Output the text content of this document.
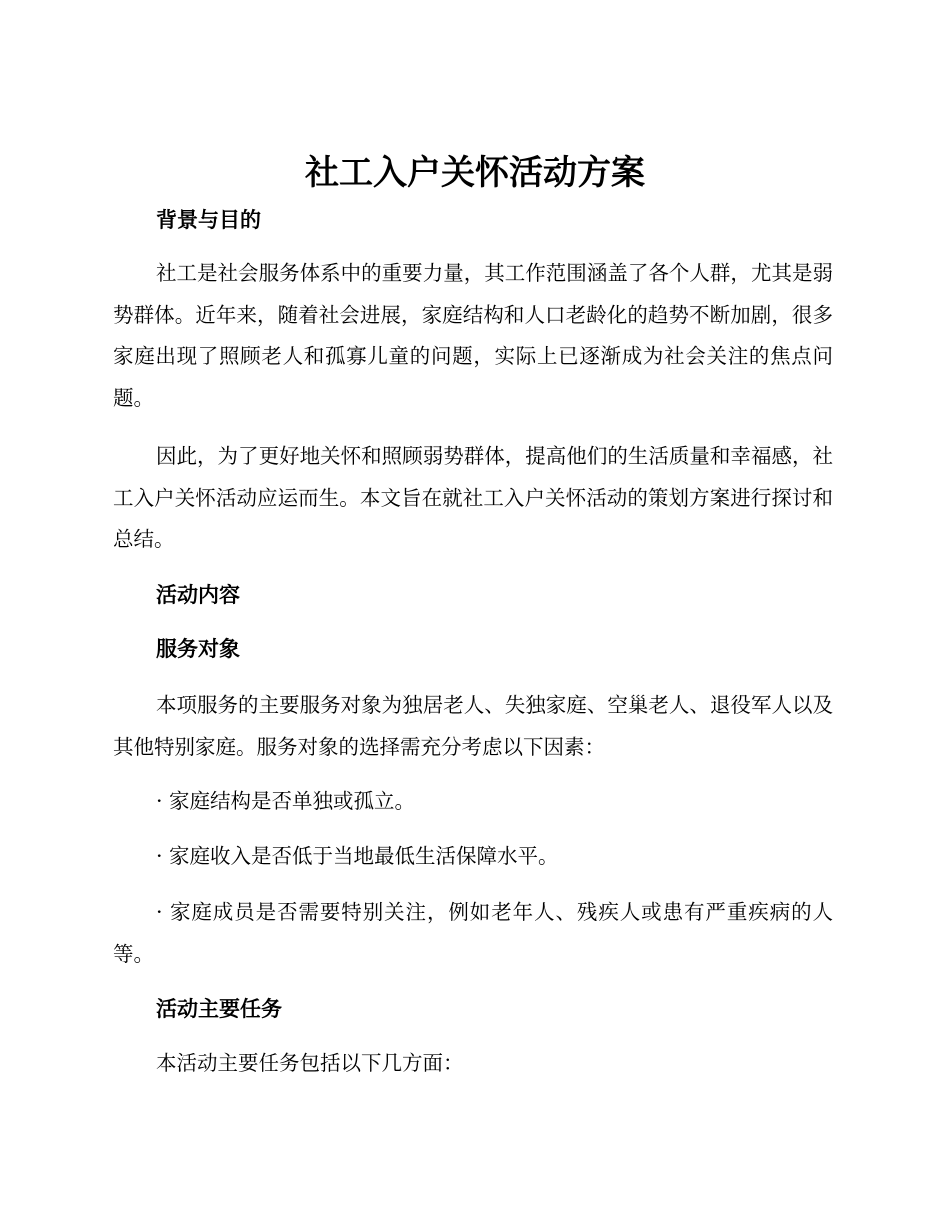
社工入户关怀活动方案
背景与目的

社工是社会服务体系中的重要力量，其工作范围涵盖了各个人群，尤其是弱势群体。近年来，随着社会进展，家庭结构和人口老龄化的趋势不断加剧，很多家庭出现了照顾老人和孤寡儿童的问题，实际上已逐渐成为社会关注的焦点问题。

因此，为了更好地关怀和照顾弱势群体，提高他们的生活质量和幸福感，社工入户关怀活动应运而生。本文旨在就社工入户关怀活动的策划方案进行探讨和总结。

活动内容
服务对象

本项服务的主要服务对象为独居老人、失独家庭、空巢老人、退役军人以及其他特别家庭。服务对象的选择需充分考虑以下因素：

· 家庭结构是否单独或孤立。

· 家庭收入是否低于当地最低生活保障水平。

· 家庭成员是否需要特别关注，例如老年人、残疾人或患有严重疾病的人等。

活动主要任务

本活动主要任务包括以下几方面：
